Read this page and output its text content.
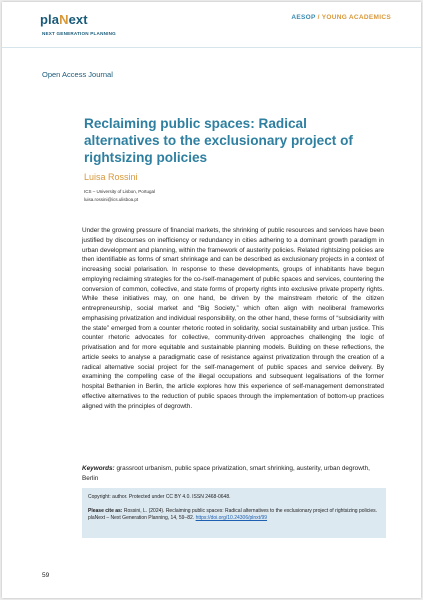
plaNext
NEXT GENERATION PLANNING
AESOP / YOUNG ACADEMICS
Open Access Journal
Reclaiming public spaces: Radical alternatives to the exclusionary project of rightsizing policies
Luisa Rossini
ICS – University of Lisbon, Portugal
luisa.rossini@ics.ulisboa.pt

Under the growing pressure of financial markets, the shrinking of public resources and services have been justified by discourses on inefficiency or redundancy in cities adhering to a dominant growth paradigm in urban development and planning, within the framework of austerity policies. Related rightsizing policies are then identifiable as forms of smart shrinkage and can be described as exclusionary projects in a context of increasing social polarisation. In response to these developments, groups of inhabitants have begun employing reclaiming strategies for the co-/self-management of public spaces and services, countering the conversion of common, collective, and state forms of property rights into exclusive private property rights. While these initiatives may, on one hand, be driven by the mainstream rhetoric of the citizen entrepreneurship, social market and “Big Society,” which often align with neoliberal frameworks emphasising privatization and individual responsibility, on the other hand, these forms of “subsidiarity with the state” emerged from a counter rhetoric rooted in solidarity, social sustainability and urban justice. This counter rhetoric advocates for collective, community-driven approaches challenging the logic of privatisation and for more equitable and sustainable planning models. Building on these reflections, the article seeks to analyse a paradigmatic case of resistance against privatization through the creation of a radical alternative social project for the self-management of public spaces and service delivery. By examining the compelling case of the illegal occupations and subsequent legalisations of the former hospital Bethanien in Berlin, the article explores how this experience of self-management demonstrated effective alternatives to the reduction of public spaces through the implementation of bottom-up practices aligned with the principles of degrowth.

Keywords: grassroot urbanism, public space privatization, smart shrinking, austerity, urban degrowth, Berlin

Copyright: author. Protected under CC BY 4.0. ISSN 2468-0648.
Please cite as: Rossini, L. (2024). Reclaiming public spaces: Radical alternatives to the exclusionary project of rightsizing policies. plaNext – Next Generation Planning, 14, 59–82. https://doi.org/10.24306/plnxt/99
59
